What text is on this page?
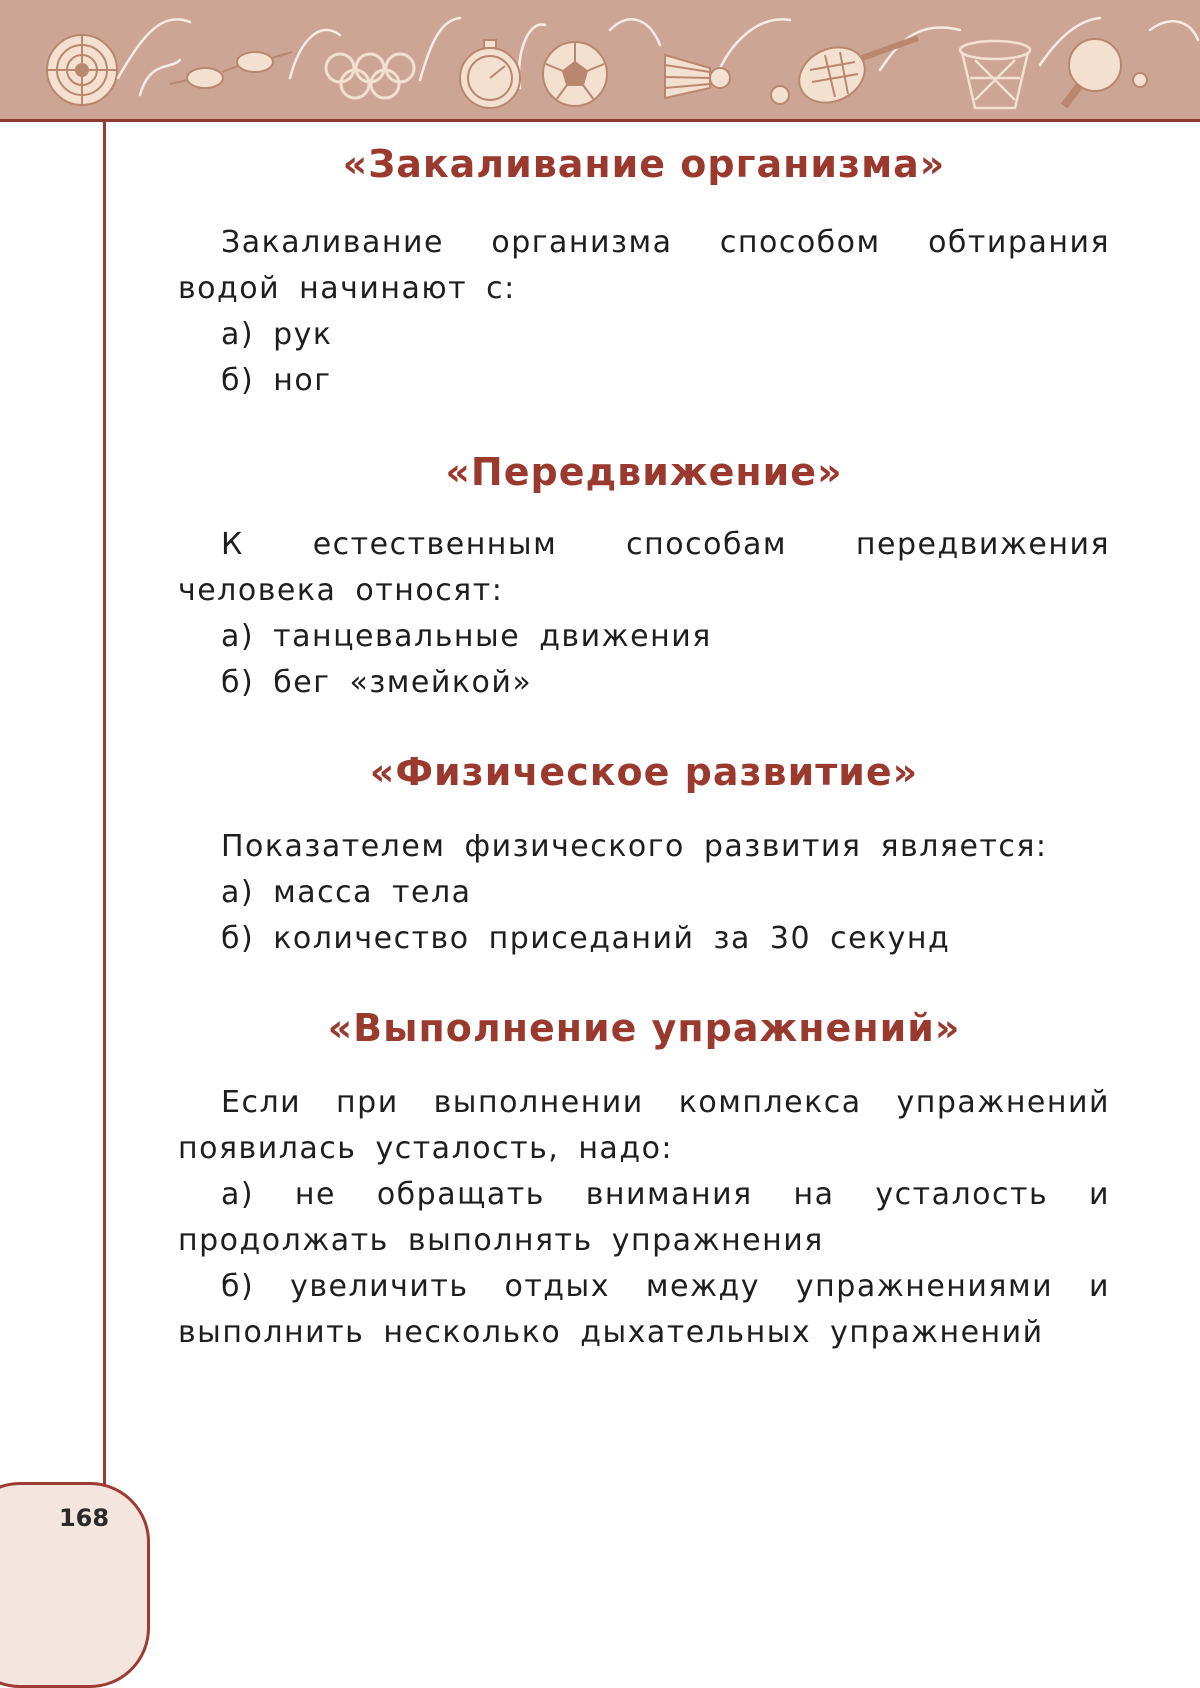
168
«Закаливание организма»

Закаливание организма способом обтирания водой начинают с:

а) рук

б) ног

«Передвижение»

К естественным способам передвижения человека относят:

а) танцевальные движения

б) бег «змейкой»

«Физическое развитие»

Показателем физического развития является:

а) масса тела

б) количество приседаний за 30 секунд

«Выполнение упражнений»

Если при выполнении комплекса упражнений появилась усталость, надо:

а) не обращать внимания на усталость и продолжать выполнять упражнения

б) увеличить отдых между упражнениями и выполнить несколько дыхательных упражнений
